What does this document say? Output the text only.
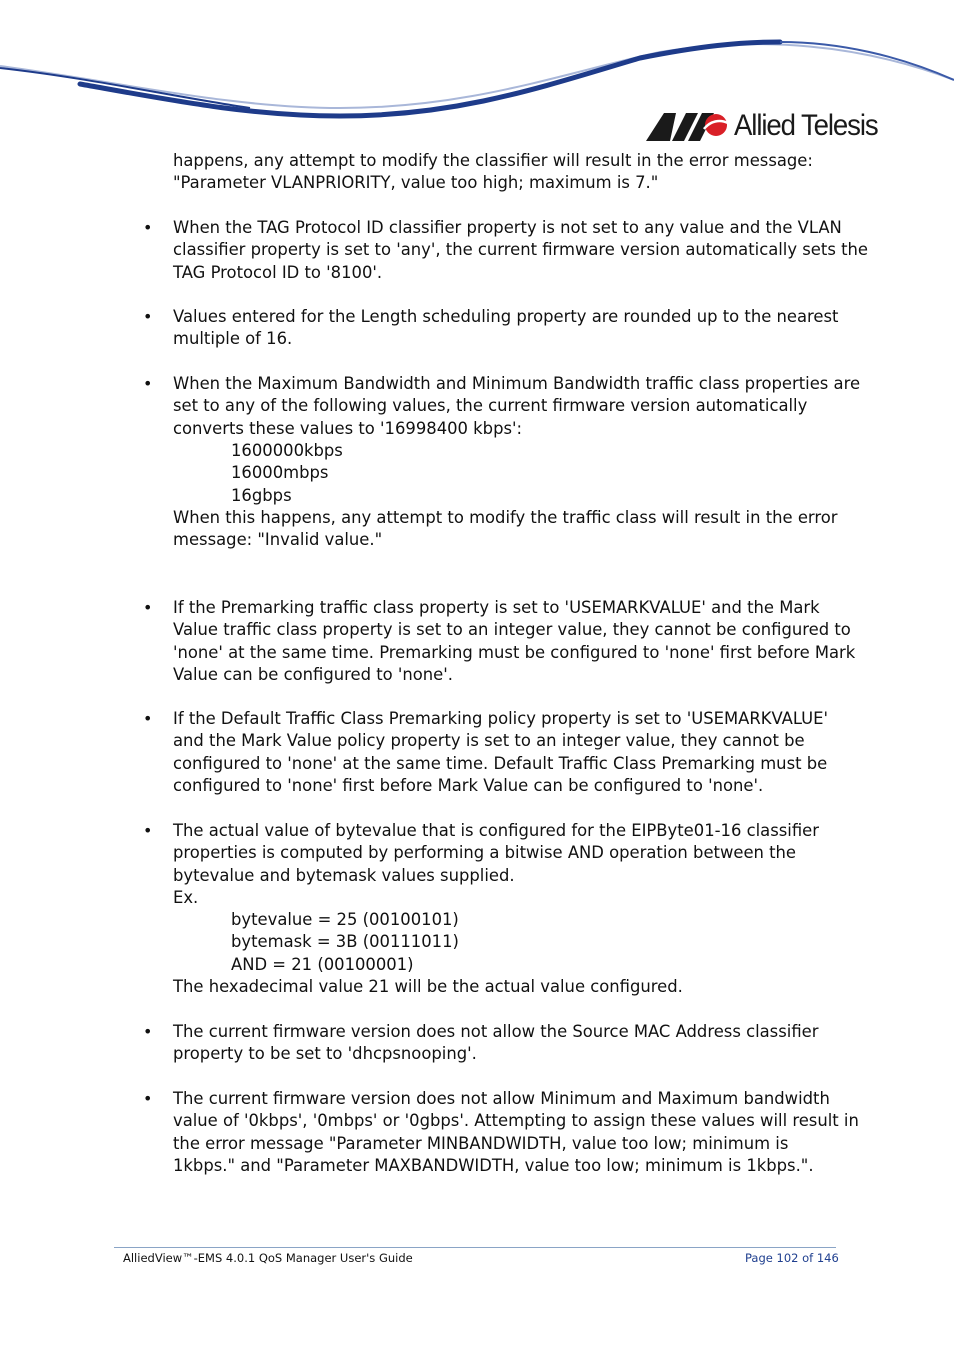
Allied Telesis
happens, any attempt to modify the classifier will result in the error message:
"Parameter VLANPRIORITY, value too high; maximum is 7."
• When the TAG Protocol ID classifier property is not set to any value and the VLAN
classifier property is set to 'any', the current firmware version automatically sets the
TAG Protocol ID to '8100'.
• Values entered for the Length scheduling property are rounded up to the nearest
multiple of 16.
• When the Maximum Bandwidth and Minimum Bandwidth traffic class properties are
set to any of the following values, the current firmware version automatically
converts these values to '16998400 kbps':
1600000kbps
16000mbps
16gbps
When this happens, any attempt to modify the traffic class will result in the error
message: "Invalid value."
• If the Premarking traffic class property is set to 'USEMARKVALUE' and the Mark
Value traffic class property is set to an integer value, they cannot be configured to
'none' at the same time. Premarking must be configured to 'none' first before Mark
Value can be configured to 'none'.
• If the Default Traffic Class Premarking policy property is set to 'USEMARKVALUE'
and the Mark Value policy property is set to an integer value, they cannot be
configured to 'none' at the same time. Default Traffic Class Premarking must be
configured to 'none' first before Mark Value can be configured to 'none'.
• The actual value of bytevalue that is configured for the EIPByte01-16 classifier
properties is computed by performing a bitwise AND operation between the
bytevalue and bytemask values supplied.
Ex.
bytevalue = 25 (00100101)
bytemask = 3B (00111011)
AND = 21 (00100001)
The hexadecimal value 21 will be the actual value configured.
• The current firmware version does not allow the Source MAC Address classifier
property to be set to 'dhcpsnooping'.
• The current firmware version does not allow Minimum and Maximum bandwidth
value of '0kbps', '0mbps' or '0gbps'. Attempting to assign these values will result in
the error message "Parameter MINBANDWIDTH, value too low; minimum is
1kbps." and "Parameter MAXBANDWIDTH, value too low; minimum is 1kbps.".
AlliedView™-EMS 4.0.1 QoS Manager User's Guide	Page 102 of 146
